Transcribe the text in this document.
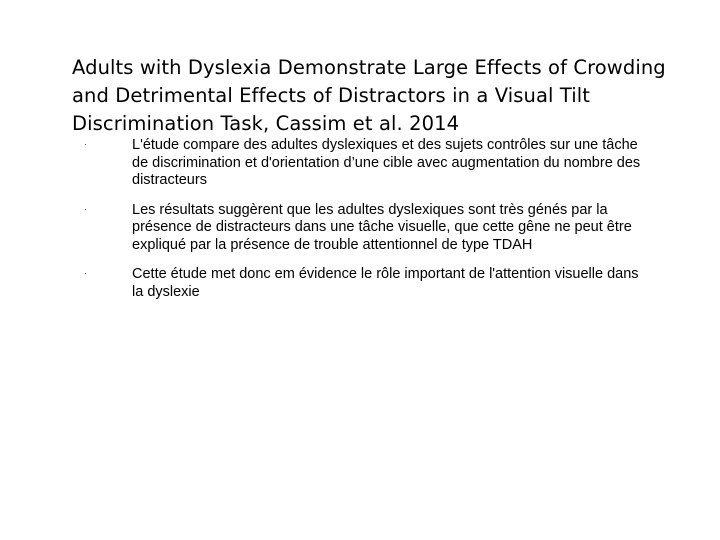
Adults with Dyslexia Demonstrate Large Effects of Crowding and Detrimental Effects of Distractors in a Visual Tilt Discrimination Task, Cassim et al. 2014
·	L'étude compare des adultes dyslexiques et des sujets contrôles sur une tâche de discrimination et d'orientation d’une cible avec augmentation du nombre des distracteurs
·	Les résultats suggèrent que les adultes dyslexiques sont très génés par la présence de distracteurs dans une tâche visuelle, que cette gêne ne peut être expliqué par la présence de trouble attentionnel de type TDAH
·	Cette étude met donc em évidence le rôle important de l'attention visuelle dans la dyslexie
